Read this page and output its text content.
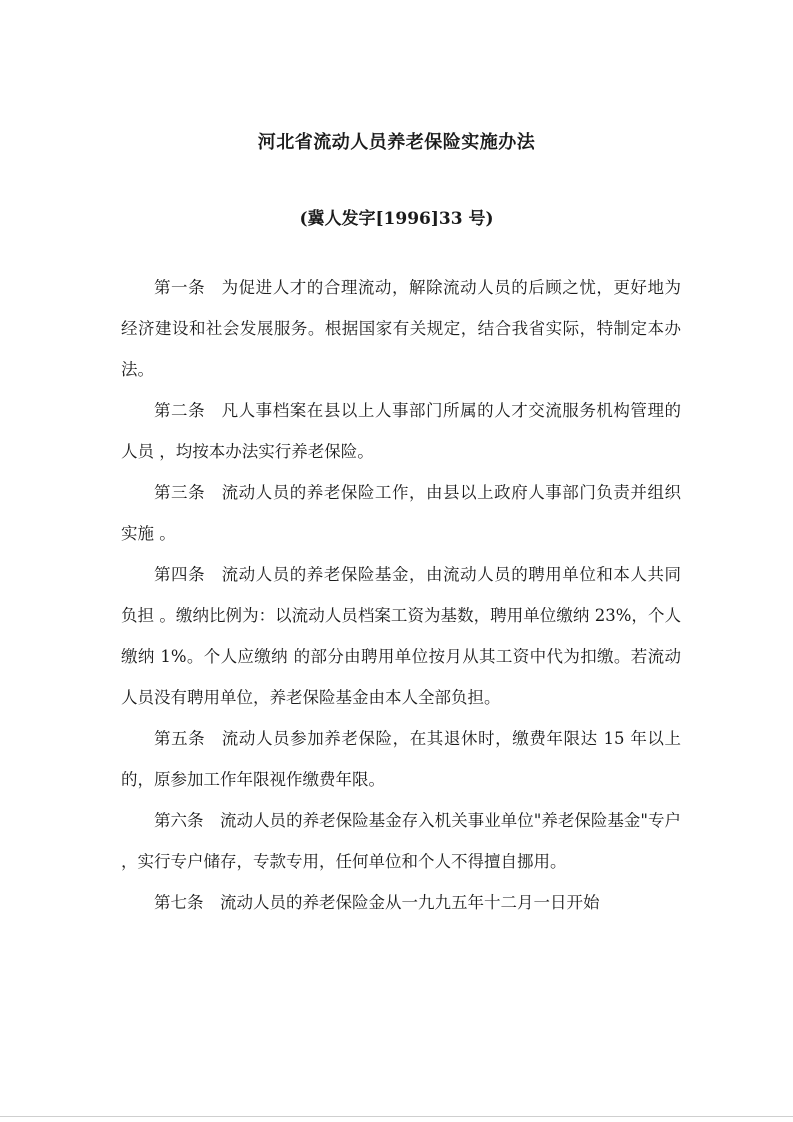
河北省流动人员养老保险实施办法
(冀人发字[1996]33 号)

第一条 为促进人才的合理流动，解除流动人员的后顾之忧，更好地为经济建设和社会发展服务。根据国家有关规定，结合我省实际，特制定本办法。

第二条 凡人事档案在县以上人事部门所属的人才交流服务机构管理的人员 ，均按本办法实行养老保险。

第三条 流动人员的养老保险工作，由县以上政府人事部门负责并组织实施 。

第四条 流动人员的养老保险基金，由流动人员的聘用单位和本人共同负担 。缴纳比例为：以流动人员档案工资为基数，聘用单位缴纳 23%，个人缴纳 1%。个人应缴纳 的部分由聘用单位按月从其工资中代为扣缴。若流动人员没有聘用单位，养老保险基金由本人全部负担。

第五条 流动人员参加养老保险，在其退休时，缴费年限达 15 年以上的，原参加工作年限视作缴费年限。

第六条 流动人员的养老保险基金存入机关事业单位"养老保险基金"专户 ，实行专户储存，专款专用，任何单位和个人不得擅自挪用。

第七条 流动人员的养老保险金从一九九五年十二月一日开始
